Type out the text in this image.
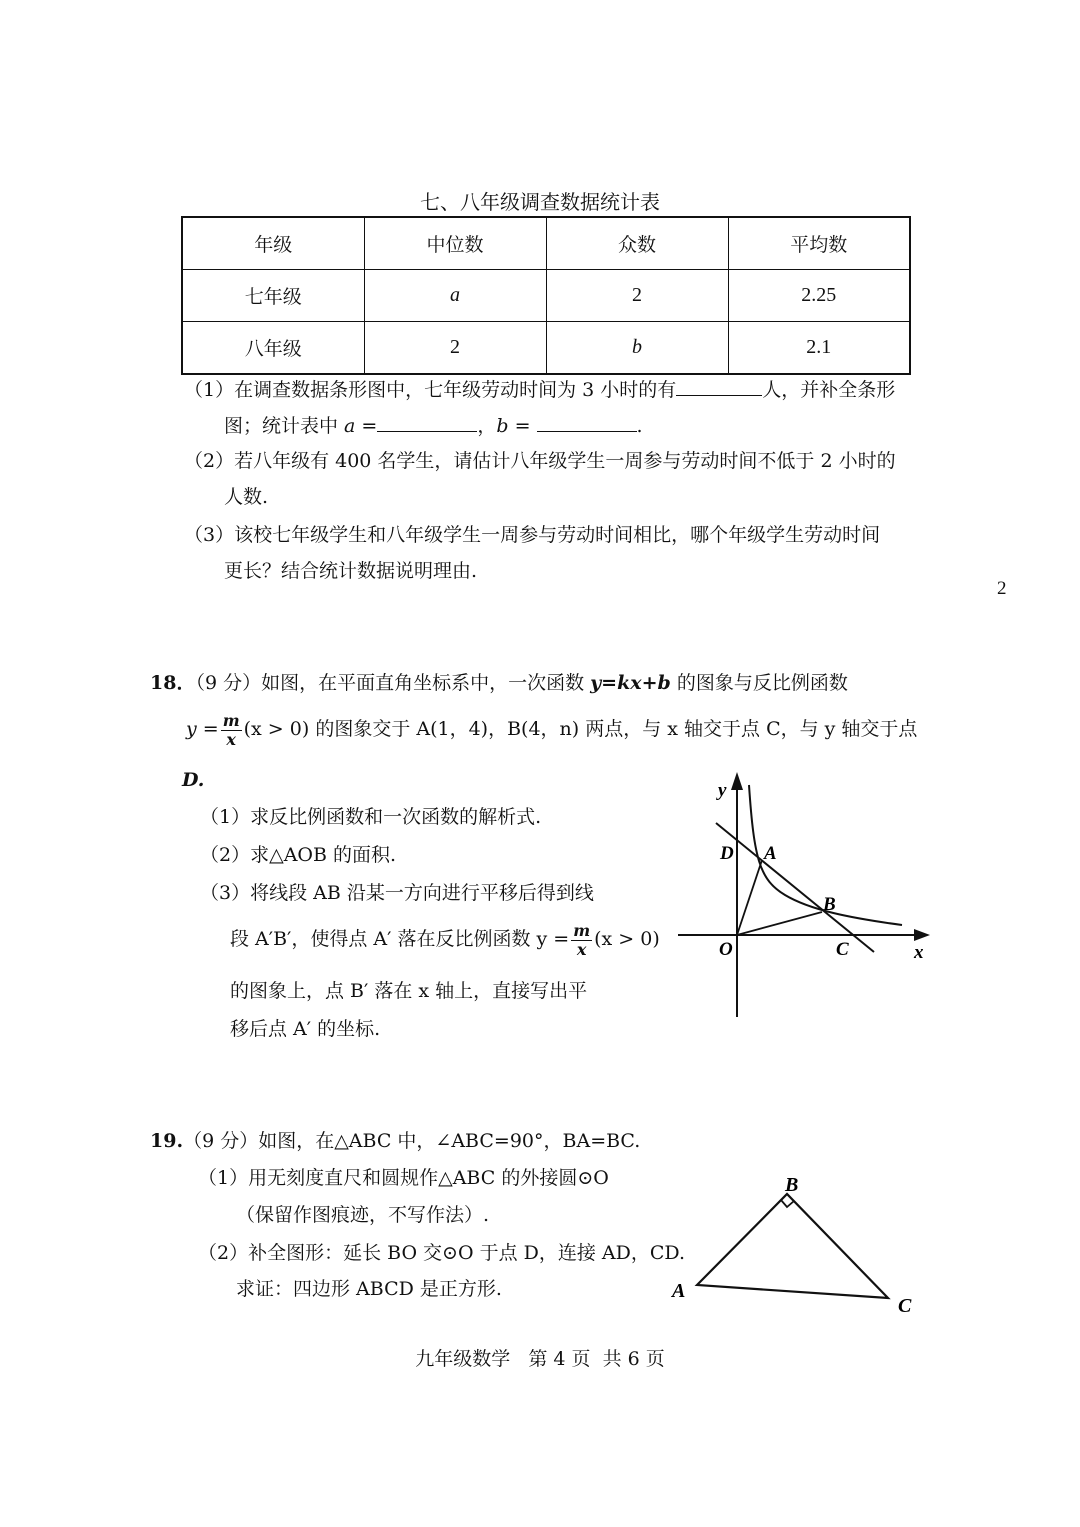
七、八年级调查数据统计表
年级	中位数	众数	平均数
七年级	a	2	2.25
八年级	2	b	2.1
（1）在调查数据条形图中，七年级劳动时间为 3 小时的有	人，并补全条形
图；统计表中 a =	，b =	.
（2）若八年级有 400 名学生，请估计八年级学生一周参与劳动时间不低于 2 小时的
人数.
（3）该校七年级学生和八年级学生一周参与劳动时间相比，哪个年级学生劳动时间
更长？结合统计数据说明理由.
2
18．（9 分）如图，在平面直角坐标系中，一次函数 y=kx+b 的图象与反比例函数
$y = \frac{m}{x} (x > 0)$ 的图象交于 A(1，4)，B(4，n) 两点，与 x 轴交于点 C，与 y 轴交于点
D.
（1）求反比例函数和一次函数的解析式.
（2）求△AOB 的面积.
（3）将线段 AB 沿某一方向进行平移后得到线
段 A′B′，使得点 A′ 落在反比例函数 $y = \frac{m}{x} (x > 0)$
的图象上，点 B′ 落在 x 轴上，直接写出平
移后点 A′ 的坐标.
y
x
O
A
B
C
D
A
B
C
19.（9 分）如图，在△ABC 中，∠ABC=90°，BA=BC.
（1）用无刻度直尺和圆规作△ABC 的外接圆⊙O
（保留作图痕迹，不写作法）.
（2）补全图形：延长 BO 交⊙O 于点 D，连接 AD，CD.
求证：四边形 ABCD 是正方形.
九年级数学   第 4 页  共 6 页
